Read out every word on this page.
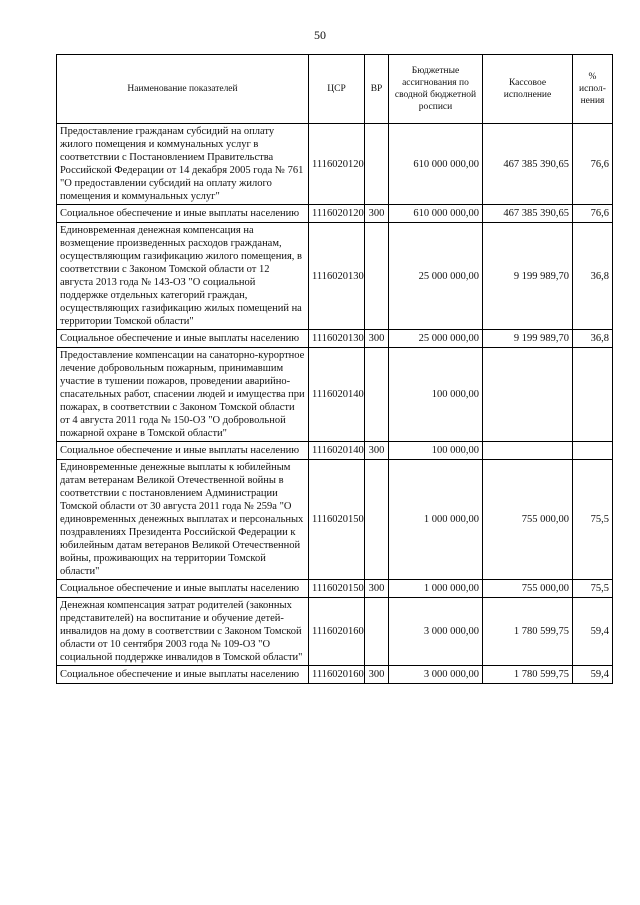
50
Наименование показателей	ЦСР	ВР	Бюджетные ассигнования по сводной бюджетной росписи	Кассовое исполнение	% испол-нения
Предоставление гражданам субсидий на оплату жилого помещения и коммунальных услуг в соответствии с Постановлением Правительства Российской Федерации от 14 декабря 2005 года № 761 "О предоставлении субсидий на оплату жилого помещения и коммунальных услуг"	1116020120		610 000 000,00	467 385 390,65	76,6
Социальное обеспечение и иные выплаты населению	1116020120	300	610 000 000,00	467 385 390,65	76,6
Единовременная денежная компенсация на возмещение произведенных расходов гражданам, осуществляющим газификацию жилого помещения, в соответствии с Законом Томской области от 12 августа 2013 года № 143-ОЗ "О социальной поддержке отдельных категорий граждан, осуществляющих газификацию жилых помещений на территории Томской области"	1116020130		25 000 000,00	9 199 989,70	36,8
Социальное обеспечение и иные выплаты населению	1116020130	300	25 000 000,00	9 199 989,70	36,8
Предоставление компенсации на санаторно-курортное лечение добровольным пожарным, принимавшим участие в тушении пожаров, проведении аварийно-спасательных работ, спасении людей и имущества при пожарах, в соответствии с Законом Томской области от 4 августа 2011 года № 150-ОЗ "О добровольной пожарной охране в Томской области"	1116020140		100 000,00		
Социальное обеспечение и иные выплаты населению	1116020140	300	100 000,00		
Единовременные денежные выплаты к юбилейным датам ветеранам Великой Отечественной войны в соответствии с постановлением Администрации Томской области от 30 августа 2011 года № 259а "О единовременных денежных выплатах и персональных поздравлениях Президента Российской Федерации к юбилейным датам ветеранов Великой Отечественной войны, проживающих на территории Томской области"	1116020150		1 000 000,00	755 000,00	75,5
Социальное обеспечение и иные выплаты населению	1116020150	300	1 000 000,00	755 000,00	75,5
Денежная компенсация затрат родителей (законных представителей) на воспитание и обучение детей-инвалидов на дому в соответствии с Законом Томской области от 10 сентября 2003 года № 109-ОЗ "О социальной поддержке инвалидов в Томской области"	1116020160		3 000 000,00	1 780 599,75	59,4
Социальное обеспечение и иные выплаты населению	1116020160	300	3 000 000,00	1 780 599,75	59,4
